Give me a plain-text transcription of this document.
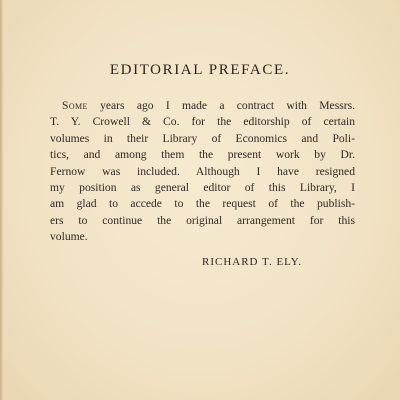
EDITORIAL PREFACE.
Some years ago I made a contract with Messrs.
T. Y. Crowell & Co. for the editorship of certain
volumes in their Library of Economics and Poli-
tics, and among them the present work by Dr.
Fernow was included. Although I have resigned
my position as general editor of this Library, I
am glad to accede to the request of the publish-
ers to continue the original arrangement for this
volume.

RICHARD T. ELY.
